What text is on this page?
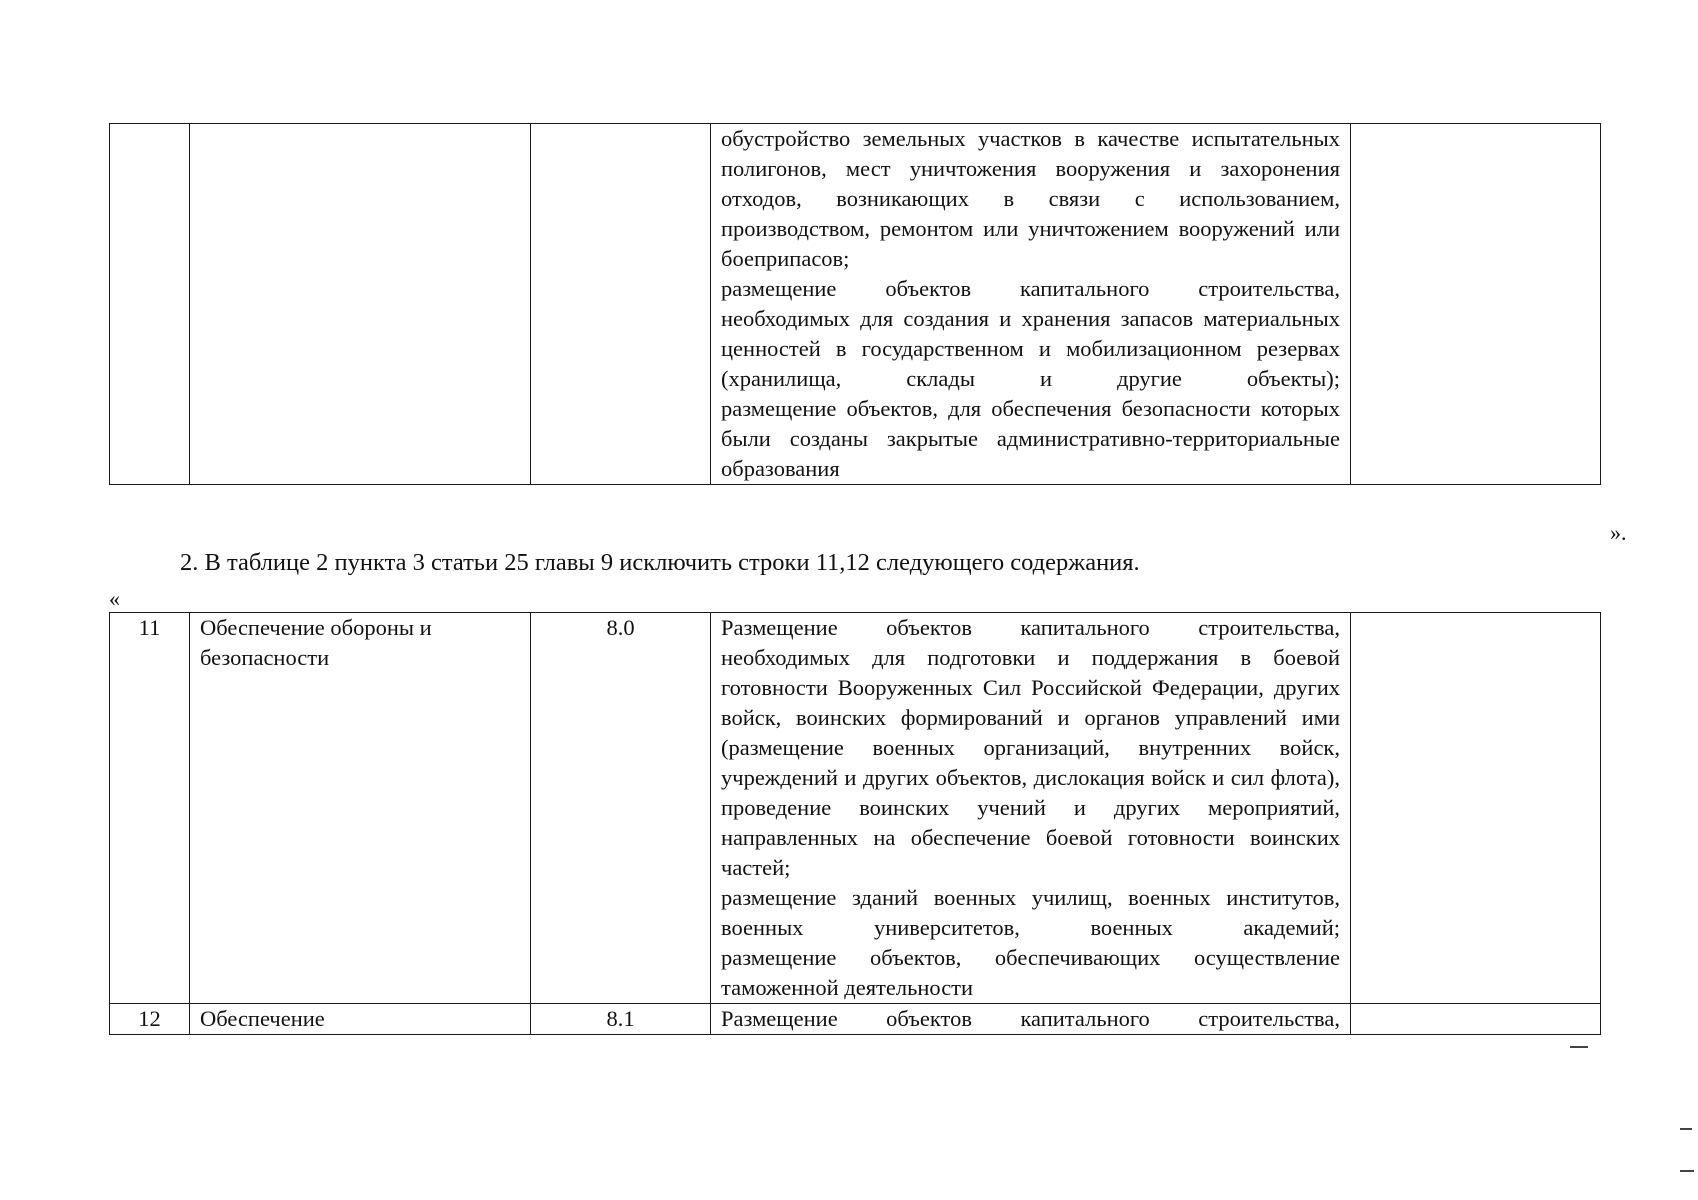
обустройство земельных участков в качестве испытательных полигонов, мест уничтожения вооружения и захоронения отходов, возникающих в связи с использованием, производством, ремонтом или уничтожением вооружений или боеприпасов;
размещение объектов капитального строительства, необходимых для создания и хранения запасов материальных ценностей в государственном и мобилизационном резервах (хранилища, склады и другие объекты);
размещение объектов, для обеспечения безопасности которых были созданы закрытые административно-территориальные образования

».
2. В таблице 2 пункта 3 статьи 25 главы 9 исключить строки 11,12 следующего содержания.
«
11	Обеспечение обороны и безопасности	8.0	Размещение объектов капитального строительства, необходимых для подготовки и поддержания в боевой готовности Вооруженных Сил Российской Федерации, других войск, воинских формирований и органов управлений ими (размещение военных организаций, внутренних войск, учреждений и других объектов, дислокация войск и сил флота), проведение воинских учений и других мероприятий, направленных на обеспечение боевой готовности воинских частей;
размещение зданий военных училищ, военных институтов, военных университетов, военных академий;
размещение объектов, обеспечивающих осуществление таможенной деятельности	

12	Обеспечение	8.1	Размещение объектов капитального строительства,	
